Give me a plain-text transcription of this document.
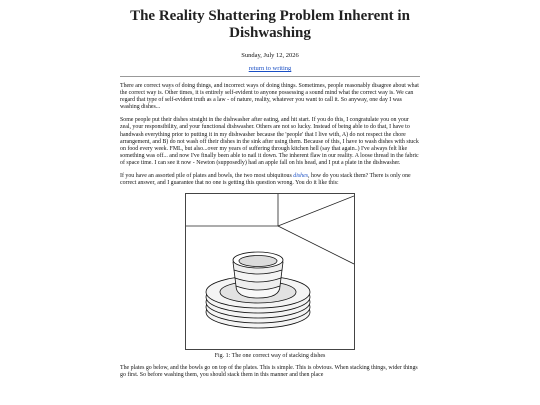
The Reality Shattering Problem Inherent in Dishwashing
Sunday, July 12, 2026
return to writing

There are correct ways of doing things, and incorrect ways of doing things. Sometimes, people reasonably disagree about what the correct way is. Other times, it is entirely self-evident to anyone possessing a sound mind what the correct way is. We can regard that type of self-evident truth as a law - of nature, reality, whatever you want to call it. So anyway, one day I was washing dishes...

Some people put their dishes straight in the dishwasher after eating, and hit start. If you do this, I congratulate you on your zeal, your responsibility, and your functional dishwasher. Others are not so lucky. Instead of being able to do that, I have to handwash everything prior to putting it in my dishwasher because the 'people' that I live with, A) do not respect the chore arrangement, and B) do not wash off their dishes in the sink after using them. Because of this, I have to wash dishes with stuck on food every week. FML, but also...over my years of suffering through kitchen hell (say that again..) I've always felt like something was off... and now I've finally been able to nail it down. The inherent flaw in our reality. A loose thread in the fabric of space time. I can see it now - Newton (supposedly) had an apple fall on his head, and I put a plate in the dishwasher.

If you have an assorted pile of plates and bowls, the two most ubiquitous dishes, how do you stack them? There is only one correct answer, and I guarantee that no one is getting this question wrong. You do it like this:

Fig. 1: The one correct way of stacking dishes

The plates go below, and the bowls go on top of the plates. This is simple. This is obvious. When stacking things, wider things go first. So before washing them, you should stack them in this manner and then place
